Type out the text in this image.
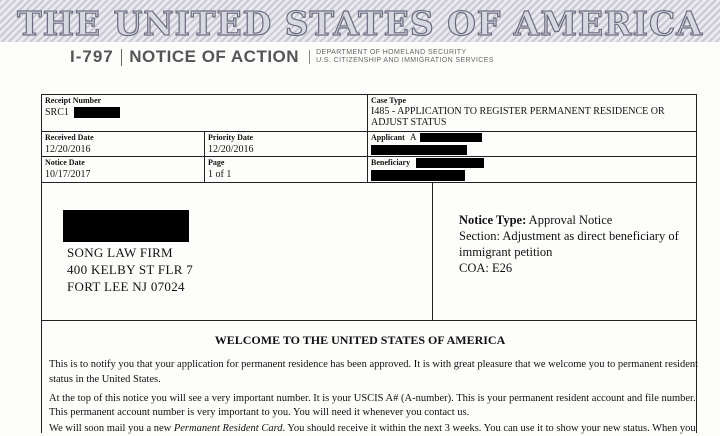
THE UNITED STATES OF AMERICA
I-797 NOTICE OF ACTION DEPARTMENT OF HOMELAND SECURITY
U.S. CITIZENSHIP AND IMMIGRATION SERVICES
Receipt Number
SRC1
Case Type
I485 - APPLICATION TO REGISTER PERMANENT RESIDENCE OR
ADJUST STATUS
Received Date
12/20/2016
Priority Date
12/20/2016
Applicant A
Notice Date
10/17/2017
Page
1 of 1
Beneficiary
SONG LAW FIRM
400 KELBY ST FLR 7
FORT LEE NJ 07024
Notice Type: Approval Notice
Section: Adjustment as direct beneficiary of
immigrant petition
COA: E26
WELCOME TO THE UNITED STATES OF AMERICA
This is to notify you that your application for permanent residence has been approved. It is with great pleasure that we welcome you to permanent resident
status in the United States.
At the top of this notice you will see a very important number. It is your USCIS A# (A-number). This is your permanent resident account and file number.
This permanent account number is very important to you. You will need it whenever you contact us.
We will soon mail you a new Permanent Resident Card. You should receive it within the next 3 weeks. You can use it to show your new status. When you
